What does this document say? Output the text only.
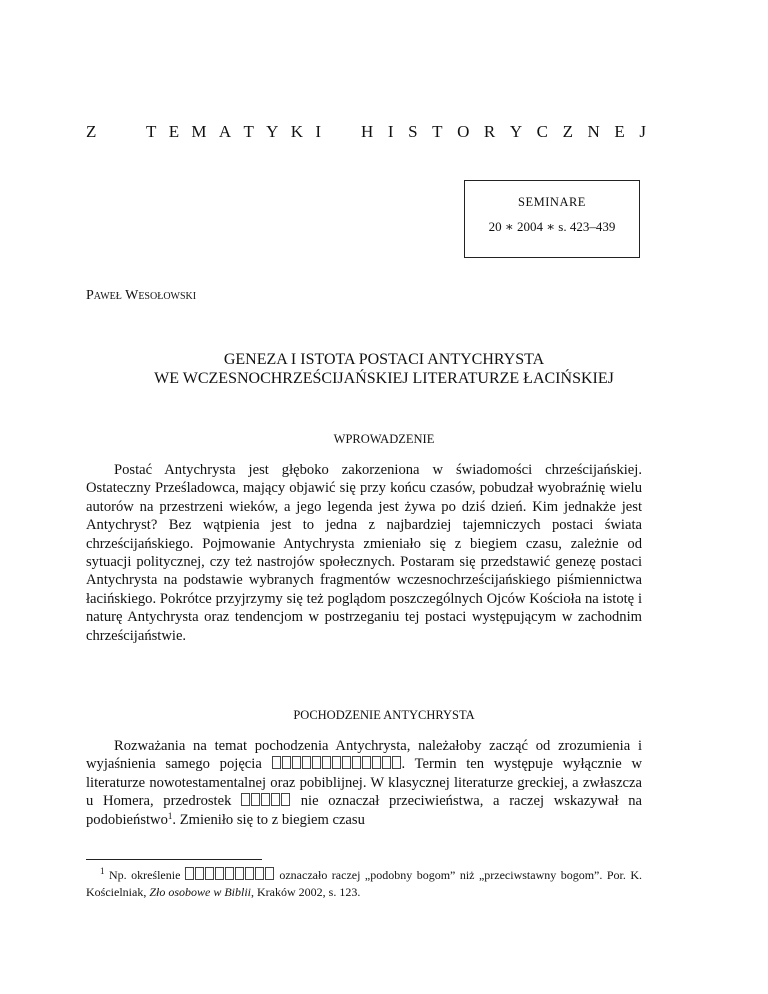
Z	T E M A T Y K I H I S T O R Y C Z N E J
SEMINARE
20 ∗ 2004 ∗ s. 423–439
Paweł Wesołowski
GENEZA I ISTOTA POSTACI ANTYCHRYSTA
WE WCZESNOCHRZEŚCIJAŃSKIEJ LITERATURZE ŁACIŃSKIEJ
WPROWADZENIE

Postać Antychrysta jest głęboko zakorzeniona w świadomości chrześcijańskiej. Ostateczny Prześladowca, mający objawić się przy końcu czasów, pobudzał wyobraźnię wielu autorów na przestrzeni wieków, a jego legenda jest żywa po dziś dzień. Kim jednakże jest Antychryst? Bez wątpienia jest to jedna z najbardziej tajemniczych postaci świata chrześcijańskiego. Pojmowanie Antychrysta zmieniało się z biegiem czasu, zależnie od sytuacji politycznej, czy też nastrojów społecznych. Postaram się przedstawić genezę postaci Antychrysta na podstawie wybranych fragmentów wczesnochrześcijańskiego piśmiennictwa łacińskiego. Pokrótce przyjrzymy się też poglądom poszczególnych Ojców Kościoła na istotę i naturę Antychrysta oraz tendencjom w postrzeganiu tej postaci występującym w zachodnim chrześcijaństwie.

POCHODZENIE ANTYCHRYSTA

Rozważania na temat pochodzenia Antychrysta, należałoby zacząć od zrozumienia i wyjaśnienia samego pojęcia	. Termin ten występuje wyłącznie w literaturze nowotestamentalnej oraz pobiblijnej. W klasycznej literaturze greckiej, a zwłaszcza u Homera, przedrostek	nie oznaczał przeciwieństwa, a raczej wskazywał na podobieństwo$^1$. Zmieniło się to z biegiem czasu

$^1$ Np. określenie	oznaczało raczej „podobny bogom” niż „przeciwstawny bogom”. Por. K. Kościelniak, Zło osobowe w Biblii, Kraków 2002, s. 123.
